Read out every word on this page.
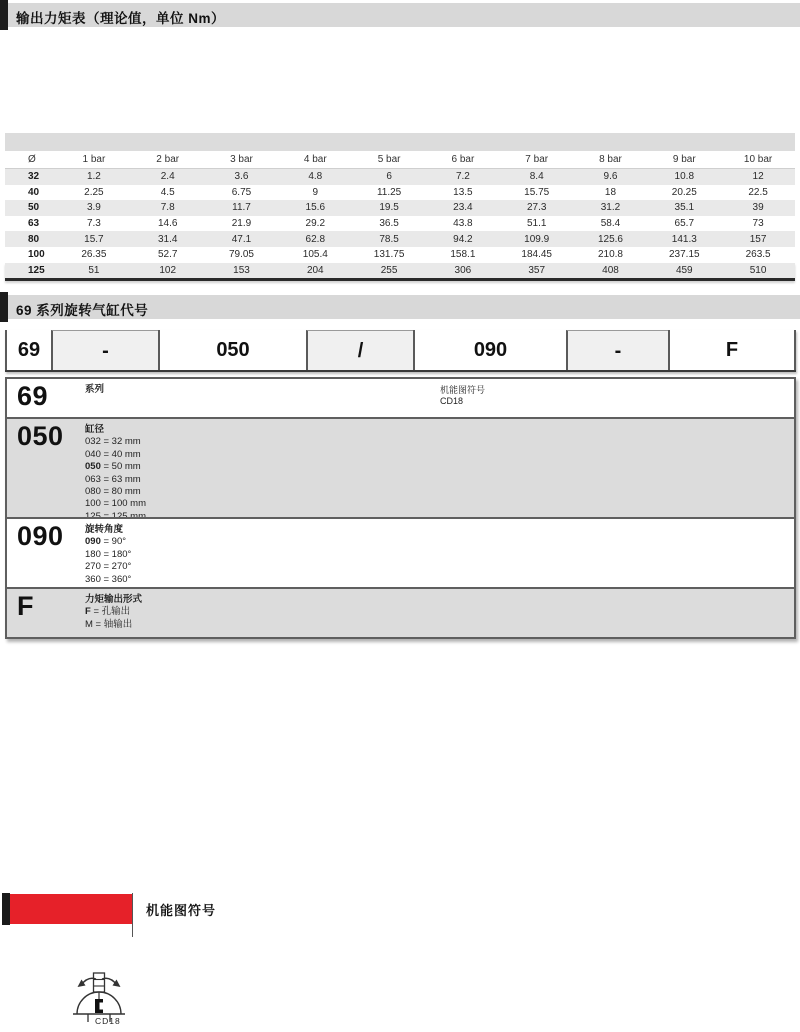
输出力矩表（理论值，单位 Nm）
Ø	1 bar	2 bar	3 bar	4 bar	5 bar	6 bar	7 bar	8 bar	9 bar	10 bar
32	1.2	2.4	3.6	4.8	6	7.2	8.4	9.6	10.8	12
40	2.25	4.5	6.75	9	11.25	13.5	15.75	18	20.25	22.5
50	3.9	7.8	11.7	15.6	19.5	23.4	27.3	31.2	35.1	39
63	7.3	14.6	21.9	29.2	36.5	43.8	51.1	58.4	65.7	73
80	15.7	31.4	47.1	62.8	78.5	94.2	109.9	125.6	141.3	157
100	26.35	52.7	79.05	105.4	131.75	158.1	184.45	210.8	237.15	263.5
125	51	102	153	204	255	306	357	408	459	510
69 系列旋转气缸代号
69	-	050	/	090	-	F
69	系列	机能图符号
CD18
050	缸径
032 = 32 mm
040 = 40 mm
050 = 50 mm
063 = 63 mm
080 = 80 mm
100 = 100 mm
125 = 125 mm
090	旋转角度
090 = 90°
180 = 180°
270 = 270°
360 = 360°
F	力矩输出形式
F = 孔输出
M = 轴输出
机能图符号
CD18
